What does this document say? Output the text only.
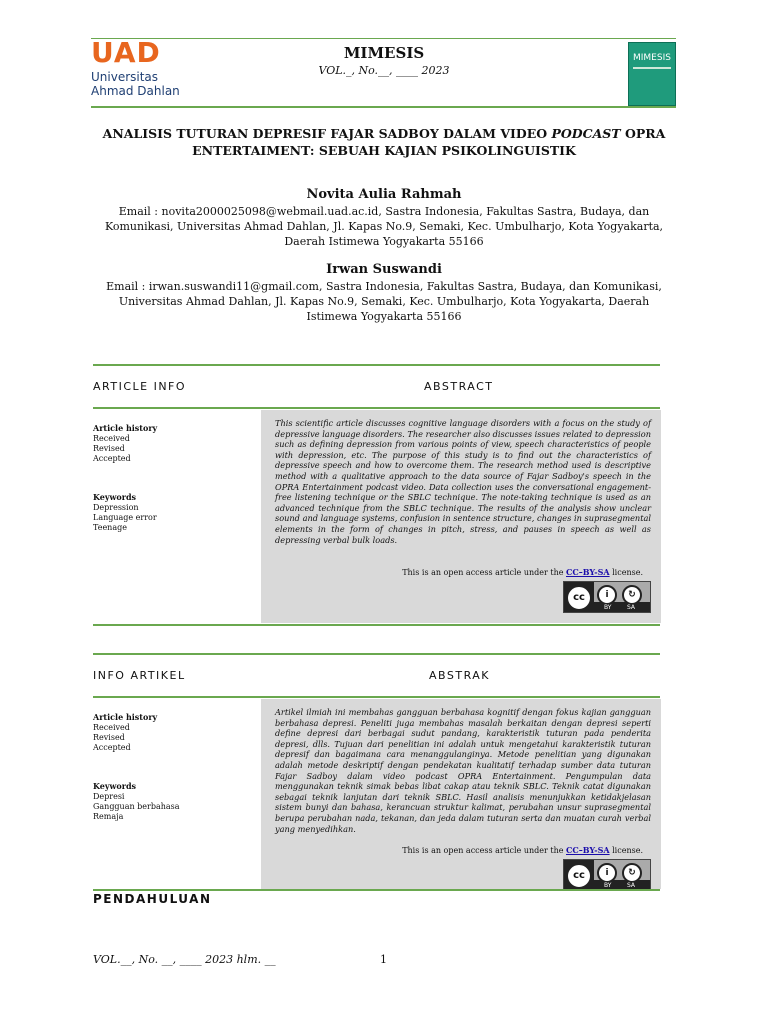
UAD
Universitas
Ahmad Dahlan
MIMESIS
VOL._, No.__, ____ 2023
MIMESIS
ANALISIS TUTURAN DEPRESIF FAJAR SADBOY DALAM VIDEO PODCAST OPRA
ENTERTAIMENT: SEBUAH KAJIAN PSIKOLINGUISTIK
Novita Aulia Rahmah
Email : novita2000025098@webmail.uad.ac.id, Sastra Indonesia, Fakultas Sastra, Budaya, dan Komunikasi, Universitas Ahmad Dahlan, Jl. Kapas No.9, Semaki, Kec. Umbulharjo, Kota Yogyakarta, Daerah Istimewa Yogyakarta 55166
Irwan Suswandi
Email : irwan.suswandi11@gmail.com, Sastra Indonesia, Fakultas Sastra, Budaya, dan Komunikasi, Universitas Ahmad Dahlan, Jl. Kapas No.9, Semaki, Kec. Umbulharjo, Kota Yogyakarta, Daerah Istimewa Yogyakarta 55166
ARTICLE INFO	ABSTRACT
Article history
Received
Revised
Accepted
Keywords
Depression
Language error
Teenage
This scientific article discusses cognitive language disorders with a focus on the study of depressive language disorders. The researcher also discusses issues related to depression such as defining depression from various points of view, speech characteristics of people with depression, etc. The purpose of this study is to find out the characteristics of depressive speech and how to overcome them. The research method used is descriptive method with a qualitative approach to the data source of Fajar Sadboy's speech in the OPRA Entertainment podcast video. Data collection uses the conversational engagement-free listening technique or the SBLC technique. The note-taking technique is used as an advanced technique from the SBLC technique. The results of the analysis show unclear sound and language systems, confusion in sentence structure, changes in suprasegmental elements in the form of changes in pitch, stress, and pauses in speech as well as depressing verbal bulk loads.
This is an open access article under the CC–BY-SA license.
cc	i	↻
BY	SA
INFO ARTIKEL	ABSTRAK
Article history
Received
Revised
Accepted
Keywords
Depresi
Gangguan berbahasa
Remaja
Artikel ilmiah ini membahas gangguan berbahasa kognitif dengan fokus kajian gangguan berbahasa depresi. Peneliti juga membahas masalah berkaitan dengan depresi seperti define depresi dari berbagai sudut pandang, karakteristik tuturan pada penderita depresi, dlls. Tujuan dari penelitian ini adalah untuk mengetahui karakteristik tuturan depresif dan bagaimana cara menanggulanginya. Metode penelitian yang digunakan adalah metode deskriptif dengan pendekatan kualitatif terhadap sumber data tuturan Fajar Sadboy dalam video podcast OPRA Entertainment. Pengumpulan data menggunakan teknik simak bebas libat cakap atau teknik SBLC. Teknik catat digunakan sebagai teknik lanjutan dari teknik SBLC. Hasil analisis menunjukkan ketidakjelasan sistem bunyi dan bahasa, kerancuan struktur kalimat, perubahan unsur suprasegmental berupa perubahan nada, tekanan, dan jeda dalam tuturan serta dan muatan curah verbal yang menyedihkan.
This is an open access article under the CC–BY-SA license.
cc	i	↻
BY	SA
PENDAHULUAN
VOL.__, No. __, ____ 2023 hlm. __	1
